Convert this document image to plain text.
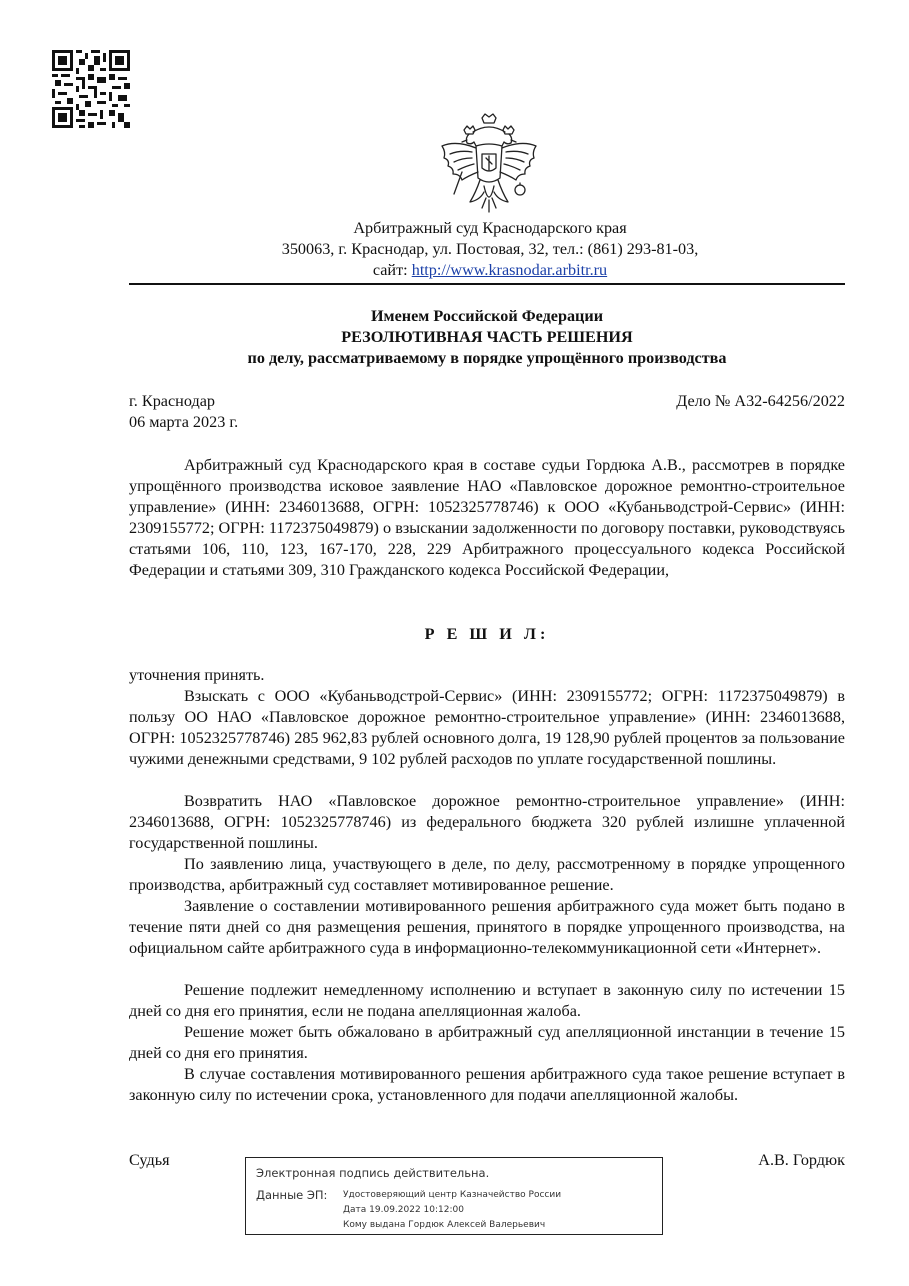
Арбитражный суд Краснодарского края
350063, г. Краснодар, ул. Постовая, 32, тел.: (861) 293-81-03,
сайт: http://www.krasnodar.arbitr.ru
Именем Российской Федерации
РЕЗОЛЮТИВНАЯ ЧАСТЬ РЕШЕНИЯ
по делу, рассматриваемому в порядке упрощённого производства
г. Краснодар
06 марта 2023 г.
Дело № А32-64256/2022
Арбитражный суд Краснодарского края в составе судьи Гордюка А.В., рассмотрев в порядке упрощённого производства исковое заявление НАО «Павловское дорожное ремонтно-строительное управление» (ИНН: 2346013688, ОГРН: 1052325778746) к ООО «Кубаньводстрой-Сервис» (ИНН: 2309155772; ОГРН: 1172375049879) о взыскании задолженности по договору поставки, руководствуясь статьями 106, 110, 123, 167-170, 228, 229 Арбитражного процессуального кодекса Российской Федерации и статьями 309, 310 Гражданского кодекса Российской Федерации,
Р Е Ш И Л:
уточнения принять.
Взыскать с ООО «Кубаньводстрой-Сервис» (ИНН: 2309155772; ОГРН: 1172375049879) в пользу ОО НАО «Павловское дорожное ремонтно-строительное управление» (ИНН: 2346013688, ОГРН: 1052325778746) 285 962,83 рублей основного долга, 19 128,90 рублей процентов за пользование чужими денежными средствами, 9 102 рублей расходов по уплате государственной пошлины.
Возвратить НАО «Павловское дорожное ремонтно-строительное управление» (ИНН: 2346013688, ОГРН: 1052325778746) из федерального бюджета 320 рублей излишне уплаченной государственной пошлины.
По заявлению лица, участвующего в деле, по делу, рассмотренному в порядке упрощенного производства, арбитражный суд составляет мотивированное решение.
Заявление о составлении мотивированного решения арбитражного суда может быть подано в течение пяти дней со дня размещения решения, принятого в порядке упрощенного производства, на официальном сайте арбитражного суда в информационно-телекоммуникационной сети «Интернет».
Решение подлежит немедленному исполнению и вступает в законную силу по истечении 15 дней со дня его принятия, если не подана апелляционная жалоба.
Решение может быть обжаловано в арбитражный суд апелляционной инстанции в течение 15 дней со дня его принятия.
В случае составления мотивированного решения арбитражного суда такое решение вступает в законную силу по истечении срока, установленного для подачи апелляционной жалобы.
Судья	А.В. Гордюк
Электронная подпись действительна.
Данные ЭП: Удостоверяющий центр Казначейство России
Дата 19.09.2022 10:12:00
Кому выдана Гордюк Алексей Валерьевич
